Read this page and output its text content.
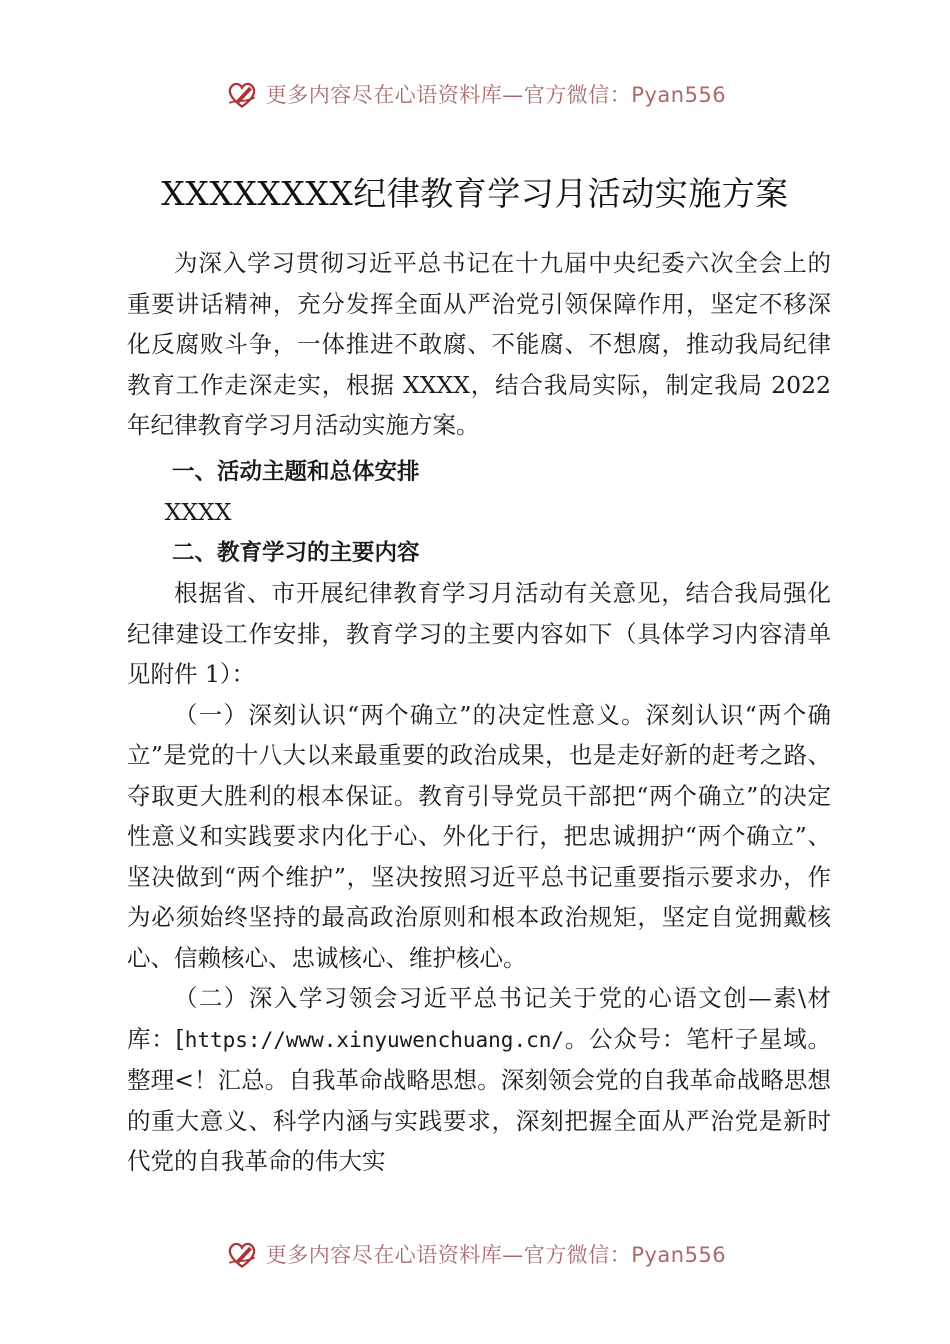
更多内容尽在心语资料库—官方微信：Pyan556
XXXXXXXX纪律教育学习月活动实施方案

为深入学习贯彻习近平总书记在十九届中央纪委六次全会上的重要讲话精神，充分发挥全面从严治党引领保障作用，坚定不移深化反腐败斗争，一体推进不敢腐、不能腐、不想腐，推动我局纪律教育工作走深走实，根据 XXXX，结合我局实际，制定我局 2022 年纪律教育学习月活动实施方案。

一、活动主题和总体安排

XXXX

二、教育学习的主要内容

根据省、市开展纪律教育学习月活动有关意见，结合我局强化纪律建设工作安排，教育学习的主要内容如下（具体学习内容清单见附件 1）：

（一）深刻认识“两个确立”的决定性意义。深刻认识“两个确立”是党的十八大以来最重要的政治成果，也是走好新的赶考之路、夺取更大胜利的根本保证。教育引导党员干部把“两个确立”的决定性意义和实践要求内化于心、外化于行，把忠诚拥护“两个确立”、坚决做到“两个维护”，坚决按照习近平总书记重要指示要求办，作为必须始终坚持的最高政治原则和根本政治规矩，坚定自觉拥戴核心、信赖核心、忠诚核心、维护核心。

（二）深入学习领会习近平总书记关于党的心语文创—素\材库：[https://www.xinyuwenchuang.cn/。公众号：笔杆子星域。整理<！汇总。自我革命战略思想。深刻领会党的自我革命战略思想的重大意义、科学内涵与实践要求，深刻把握全面从严治党是新时代党的自我革命的伟大实

更多内容尽在心语资料库—官方微信：Pyan556
